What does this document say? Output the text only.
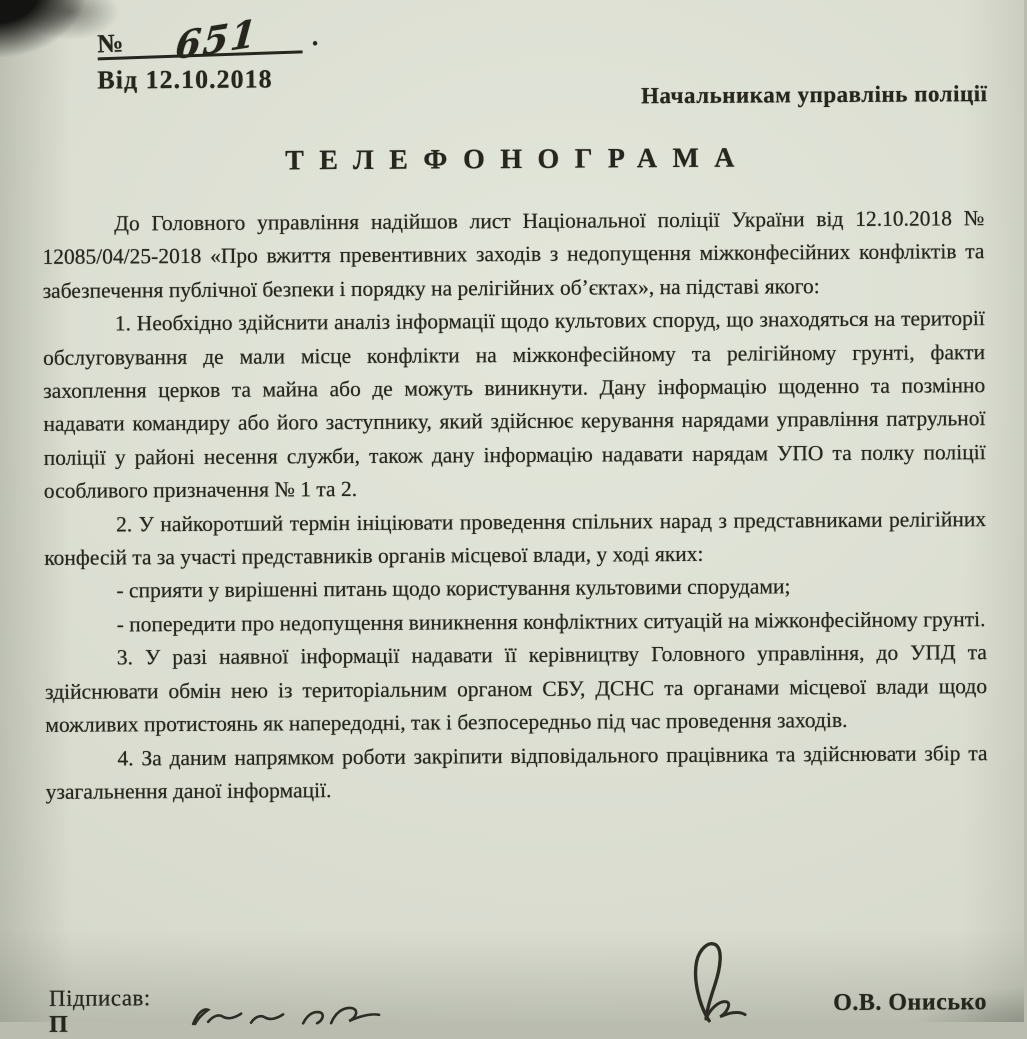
№ 651 .
Від 12.10.2018
Начальникам управлінь поліції
ТЕЛЕФОНОГРАМА

До Головного управління надійшов лист Національної поліції України від 12.10.2018 № 12085/04/25-2018 «Про вжиття превентивних заходів з недопущення міжконфесійних конфліктів та забезпечення публічної безпеки і порядку на релігійних об’єктах», на підставі якого:

1. Необхідно здійснити аналіз інформації щодо культових споруд, що знаходяться на території обслуговування де мали місце конфлікти на міжконфесійному та релігійному грунті, факти захоплення церков та майна або де можуть виникнути. Дану інформацію щоденно та позмінно надавати командиру або його заступнику, який здійснює керування нарядами управління патрульної поліції у районі несення служби, також дану інформацію надавати нарядам УПО та полку поліції особливого призначення № 1 та 2.

2. У найкоротший термін ініціювати проведення спільних нарад з представниками релігійних конфесій та за участі представників органів місцевої влади, у ході яких:

- сприяти у вирішенні питань щодо користування культовими спорудами;

- попередити про недопущення виникнення конфліктних ситуацій на міжконфесійному грунті.

3. У разі наявної інформації надавати її керівництву Головного управління, до УПД та здійснювати обмін нею із територіальним органом СБУ, ДСНС та органами місцевої влади щодо можливих протистоянь як напередодні, так і безпосередньо під час проведення заходів.

4. За даним напрямком роботи закріпити відповідального працівника та здійснювати збір та узагальнення даної інформації.

Підписав:	О.В. Онисько
П
